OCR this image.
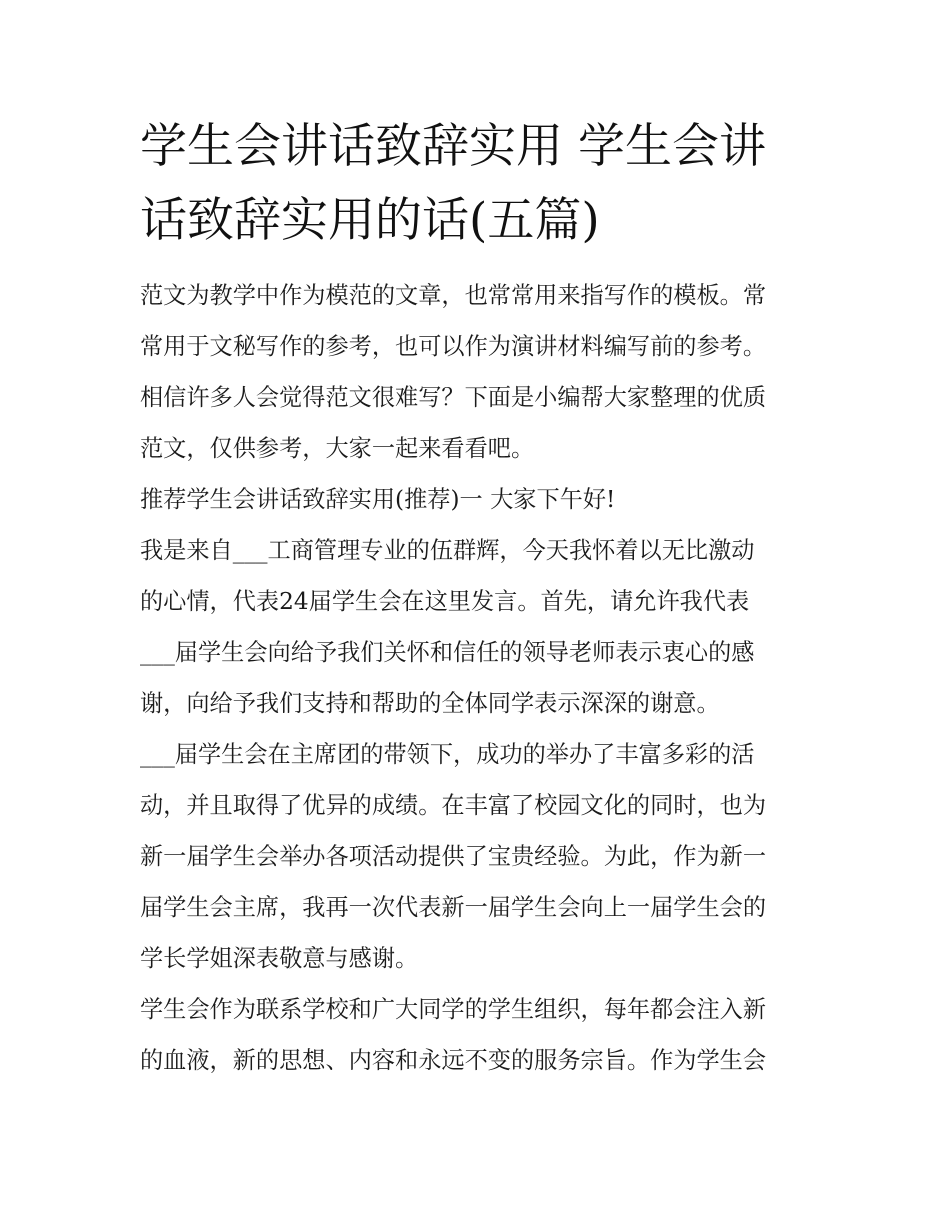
学生会讲话致辞实用 学生会讲
话致辞实用的话(五篇)

范文为教学中作为模范的文章，也常常用来指写作的模板。常
常用于文秘写作的参考，也可以作为演讲材料编写前的参考。
相信许多人会觉得范文很难写？下面是小编帮大家整理的优质
范文，仅供参考，大家一起来看看吧。

推荐学生会讲话致辞实用(推荐)一 大家下午好!

我是来自___工商管理专业的伍群辉，今天我怀着以无比激动
的心情，代表24届学生会在这里发言。首先，请允许我代表
___届学生会向给予我们关怀和信任的领导老师表示衷心的感
谢，向给予我们支持和帮助的全体同学表示深深的谢意。

___届学生会在主席团的带领下，成功的举办了丰富多彩的活
动，并且取得了优异的成绩。在丰富了校园文化的同时，也为
新一届学生会举办各项活动提供了宝贵经验。为此，作为新一
届学生会主席，我再一次代表新一届学生会向上一届学生会的
学长学姐深表敬意与感谢。

学生会作为联系学校和广大同学的学生组织，每年都会注入新
的血液，新的思想、内容和永远不变的服务宗旨。作为学生会
